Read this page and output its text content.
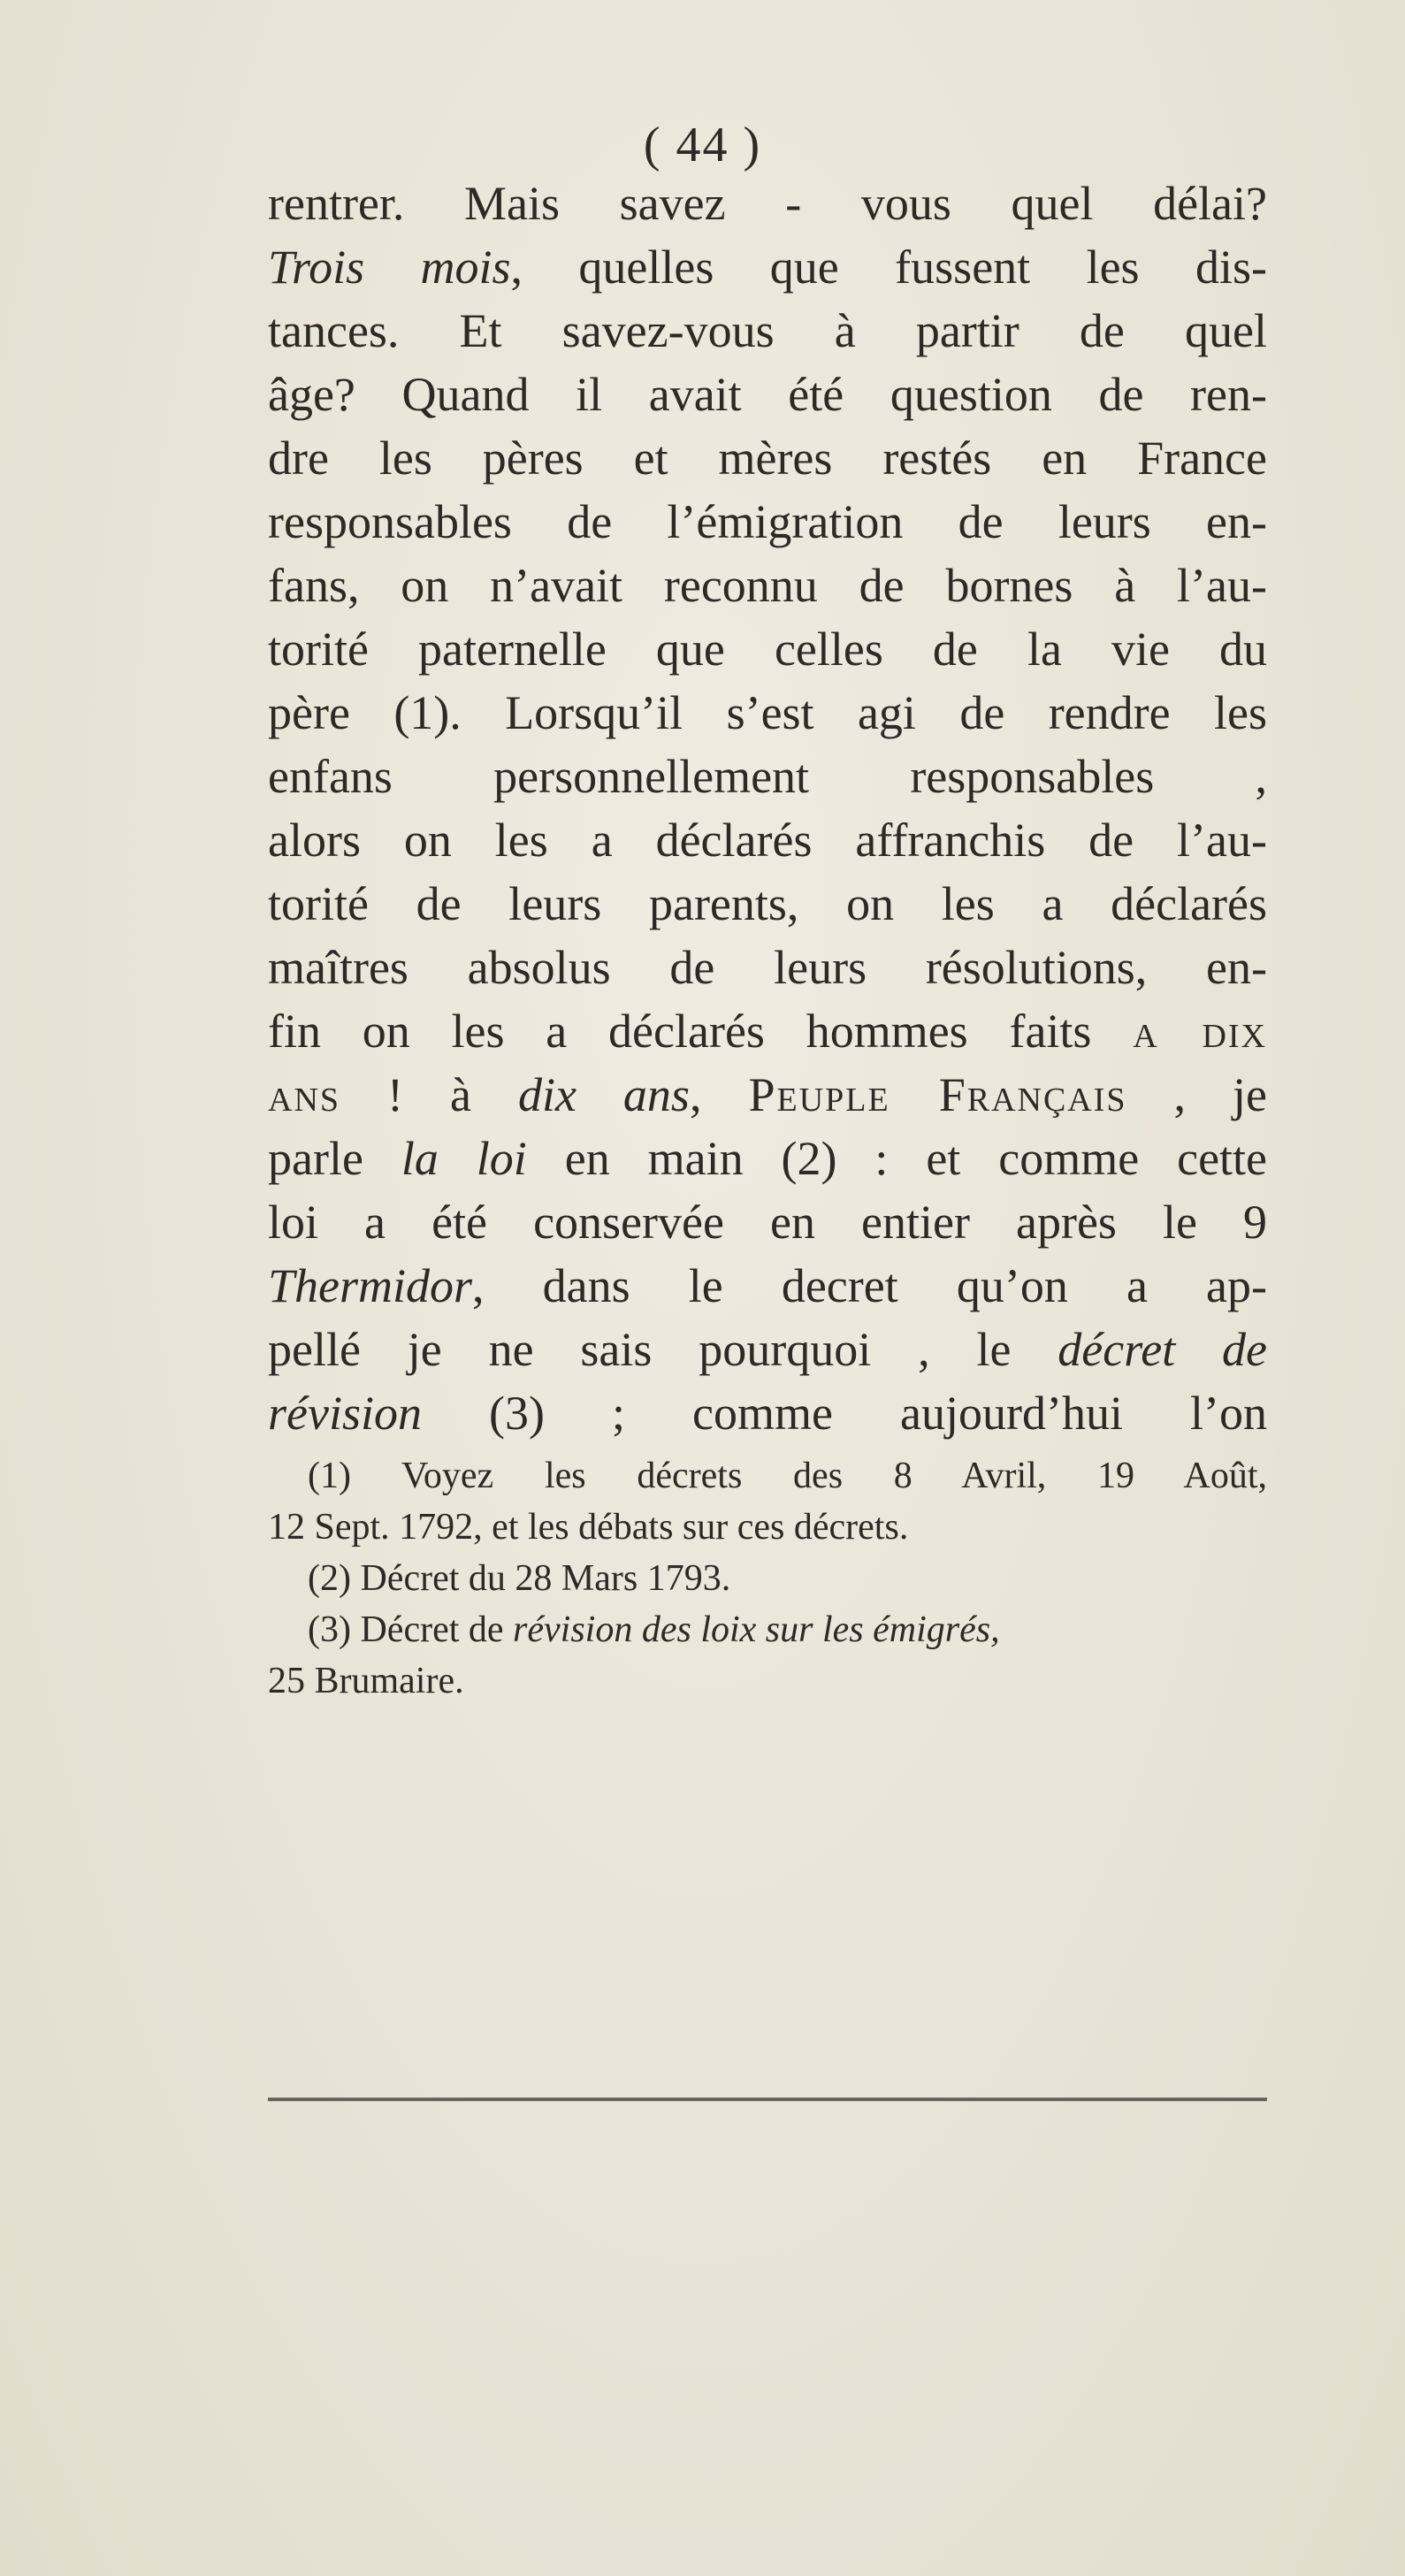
( 44 )
rentrer. Mais savez - vous quel délai?
Trois mois, quelles que fussent les dis-
tances. Et savez-vous à partir de quel
âge? Quand il avait été question de ren-
dre les pères et mères restés en France
responsables de l’émigration de leurs en-
fans, on n’avait reconnu de bornes à l’au-
torité paternelle que celles de la vie du
père (1). Lorsqu’il s’est agi de rendre les
enfans personnellement responsables ,
alors on les a déclarés affranchis de l’au-
torité de leurs parents, on les a déclarés
maîtres absolus de leurs résolutions, en-
fin on les a déclarés hommes faits a dix
ans ! à dix ans, Peuple Français , je
parle la loi en main (2) : et comme cette
loi a été conservée en entier après le 9
Thermidor, dans le decret qu’on a ap-
pellé je ne sais pourquoi , le décret de
révision (3) ; comme aujourd’hui l’on
(1) Voyez les décrets des 8 Avril, 19 Août,
12 Sept. 1792, et les débats sur ces décrets.
(2) Décret du 28 Mars 1793.
(3) Décret de révision des loix sur les émigrés,
25 Brumaire.
